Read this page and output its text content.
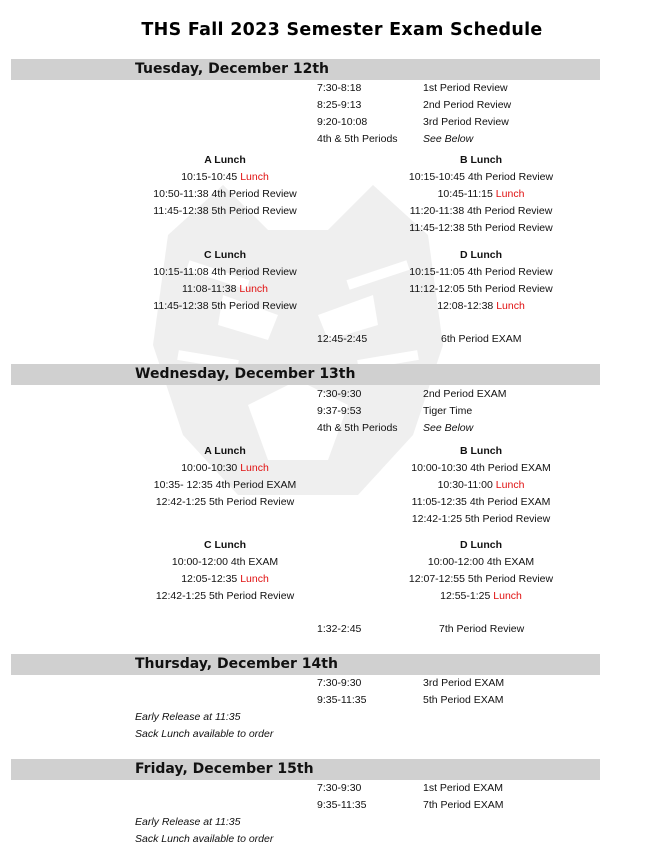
THS Fall 2023 Semester Exam Schedule
Tuesday, December 12th
7:30-8:18	1st Period Review
8:25-9:13	2nd Period Review
9:20-10:08	3rd Period Review
4th & 5th Periods See Below
A Lunch
10:15-10:45 Lunch
10:50-11:38 4th Period Review
11:45-12:38 5th Period Review
B Lunch
10:15-10:45 4th Period Review
10:45-11:15 Lunch
11:20-11:38 4th Period Review
11:45-12:38 5th Period Review
C Lunch
10:15-11:08 4th Period Review
11:08-11:38 Lunch
11:45-12:38 5th Period Review
D Lunch
10:15-11:05 4th Period Review
11:12-12:05 5th Period Review
12:08-12:38 Lunch
12:45-2:45	6th Period EXAM
Wednesday, December 13th
7:30-9:30	2nd Period EXAM
9:37-9:53	Tiger Time
4th & 5th Periods See Below
A Lunch
10:00-10:30 Lunch
10:35- 12:35 4th Period EXAM
12:42-1:25 5th Period Review
B Lunch
10:00-10:30 4th Period EXAM
10:30-11:00 Lunch
11:05-12:35 4th Period EXAM
12:42-1:25 5th Period Review
C Lunch
10:00-12:00 4th EXAM
12:05-12:35 Lunch
12:42-1:25 5th Period Review
D Lunch
10:00-12:00 4th EXAM
12:07-12:55 5th Period Review
12:55-1:25 Lunch
1:32-2:45	7th Period Review
Thursday, December 14th
7:30-9:30	3rd Period EXAM
9:35-11:35	5th Period EXAM
Early Release at 11:35
Sack Lunch available to order
Friday, December 15th
7:30-9:30	1st Period EXAM
9:35-11:35	7th Period EXAM
Early Release at 11:35
Sack Lunch available to order
